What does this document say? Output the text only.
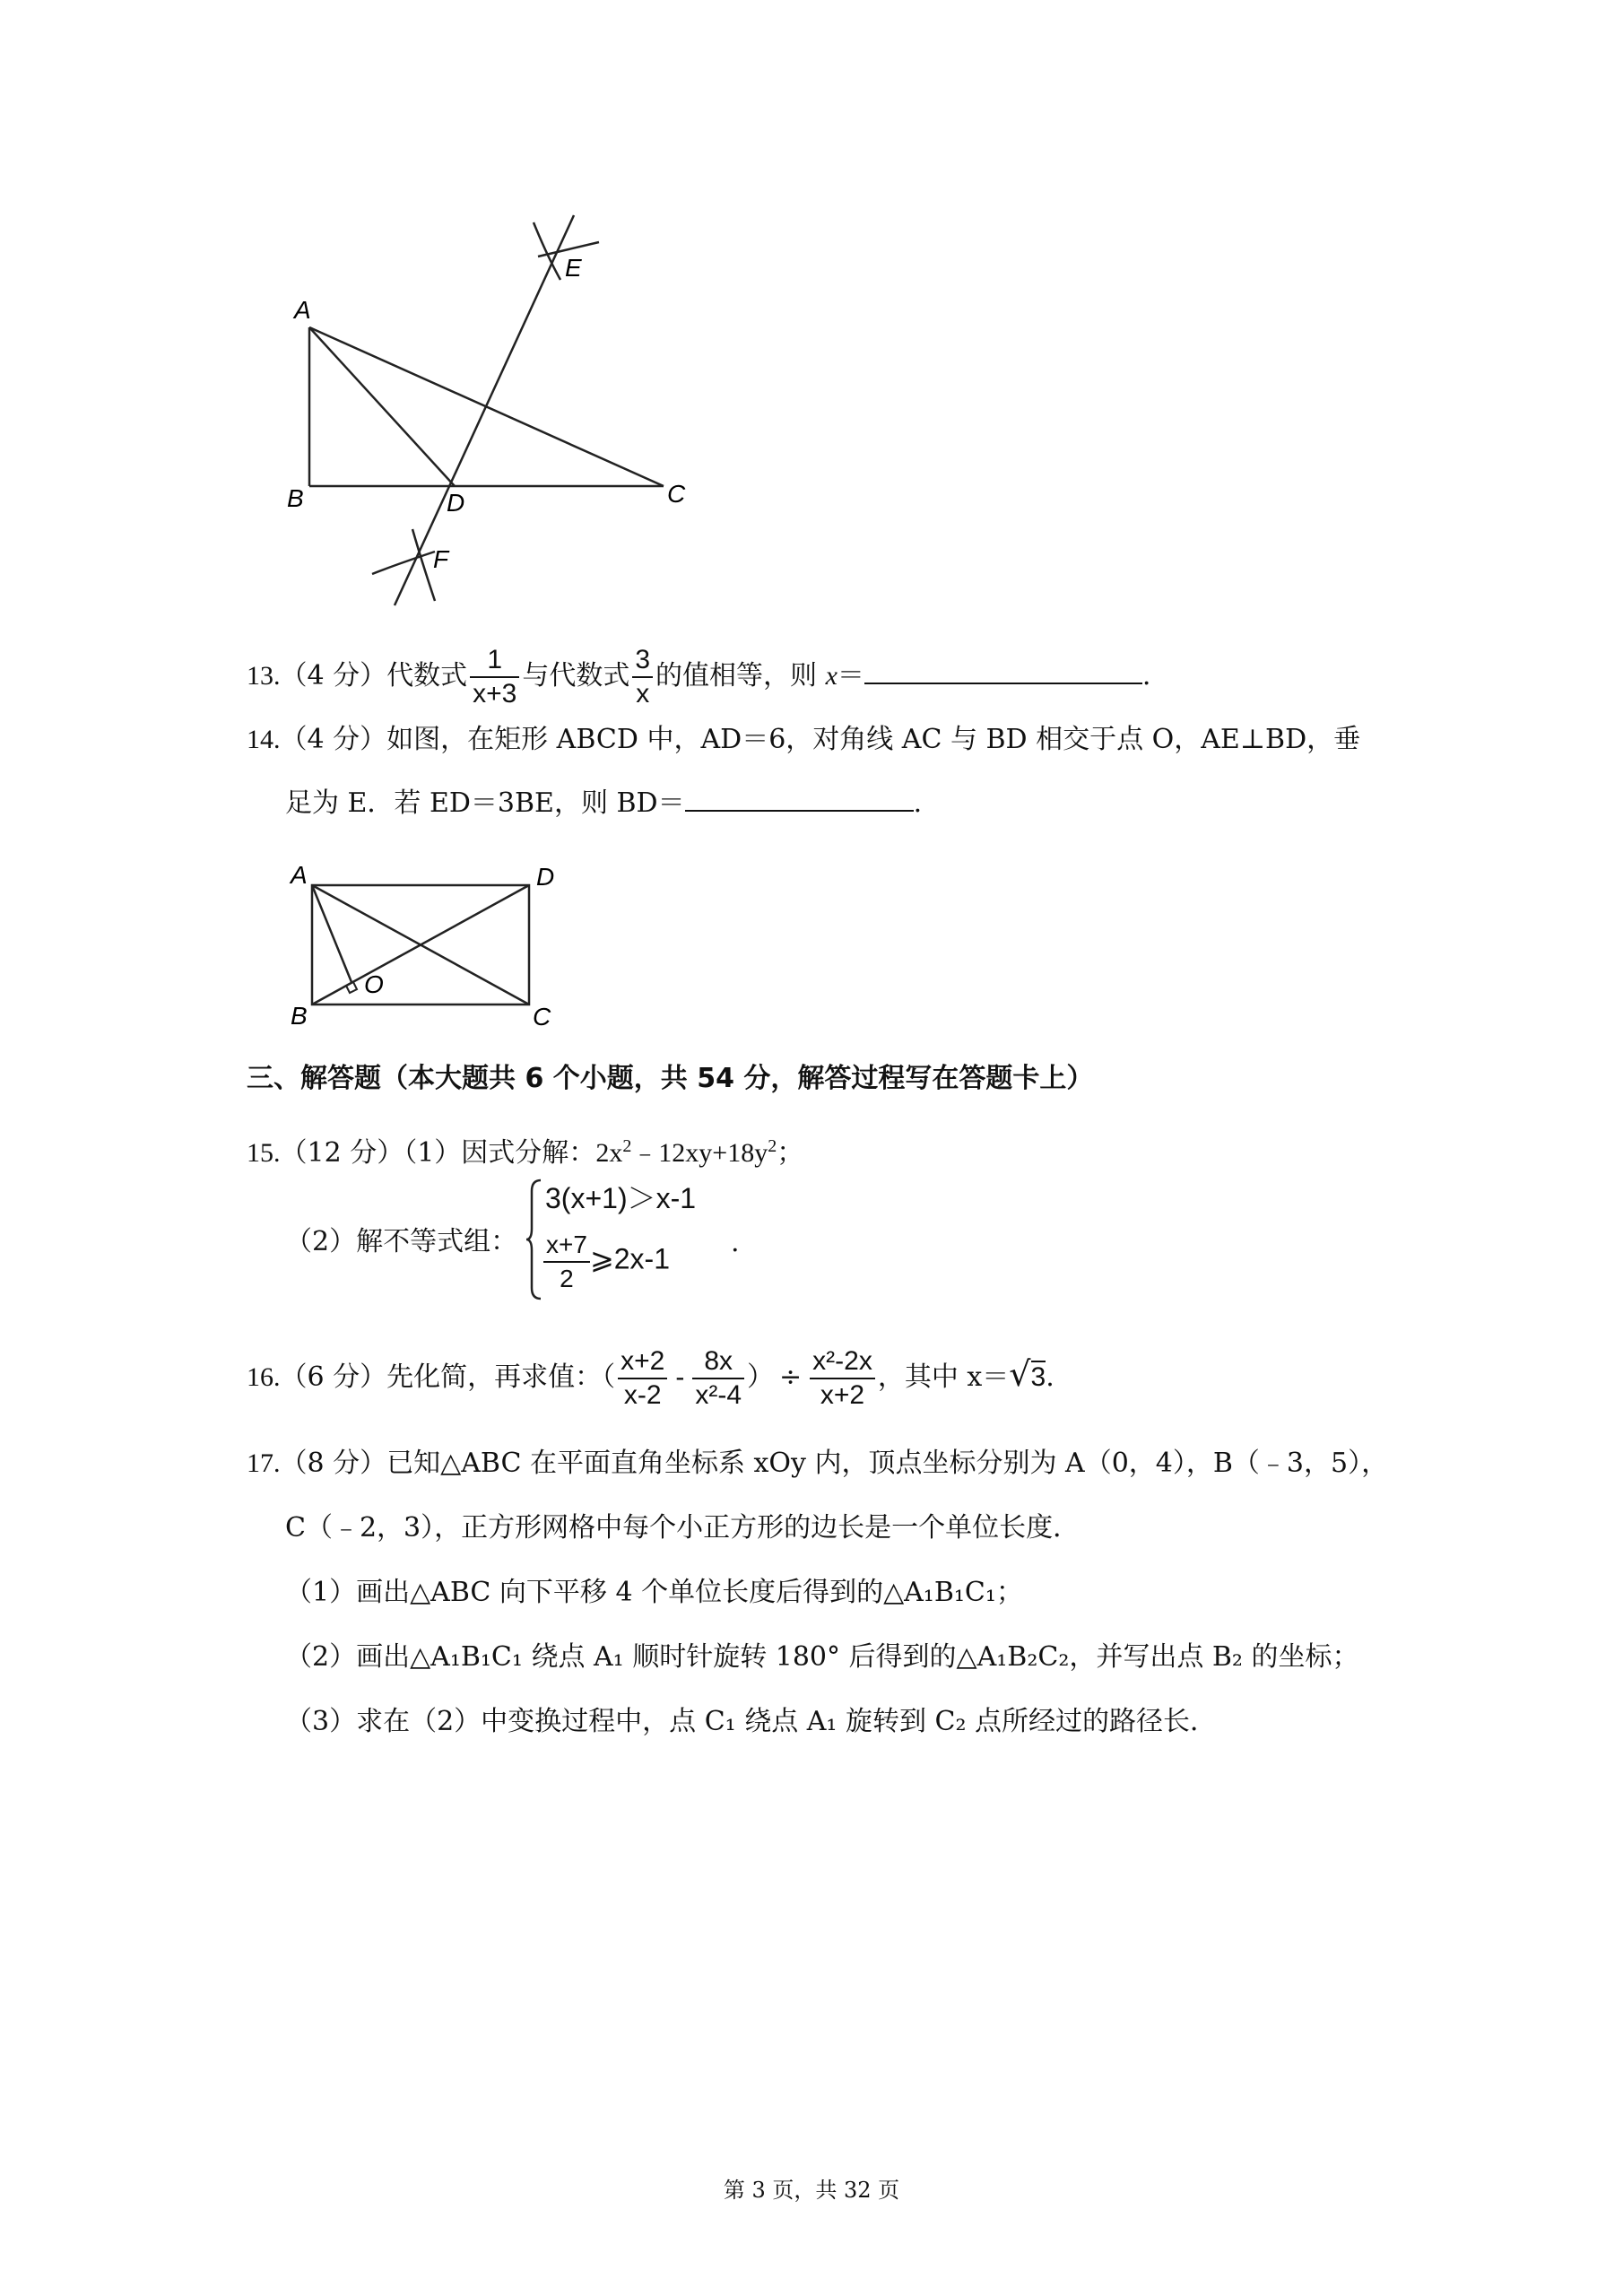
A
B	C
D
E
F
13.（4 分）代数式 $\frac{1}{x+3}$ 与代数式 $\frac{3}{x}$ 的值相等，则 x＝	.
14.（4 分）如图，在矩形 ABCD 中，AD＝6，对角线 AC 与 BD 相交于点 O，AE⊥BD，垂
足为 E．若 ED＝3BE，则 BD＝	.
A	D
B	C
O
三、解答题（本大题共 6 个小题，共 54 分，解答过程写在答题卡上）
15.（12 分）（1）因式分解：$2x^2﹣12xy+18y^2$；
（2）解不等式组：
3(x+1)＞x-1
$\frac{x+7}{2}$ ⩾2x-1 .
16.（6 分）先化简，再求值：（ $\frac{x+2}{x-2} - \frac{8x}{\text{x²-4}}$ ） ÷ $\frac{\text{x²-2x}}{x+2}$ ，其中 x＝√3.
17.（8 分）已知△ABC 在平面直角坐标系 xOy 内，顶点坐标分别为 A（0，4），B（﹣3，5），
C（﹣2，3），正方形网格中每个小正方形的边长是一个单位长度．
（1）画出△ABC 向下平移 4 个单位长度后得到的△A₁B₁C₁；
（2）画出△A₁B₁C₁ 绕点 A₁ 顺时针旋转 180° 后得到的△A₁B₂C₂，并写出点 B₂ 的坐标；
（3）求在（2）中变换过程中，点 C₁ 绕点 A₁ 旋转到 C₂ 点所经过的路径长．
第 3 页，共 32 页
